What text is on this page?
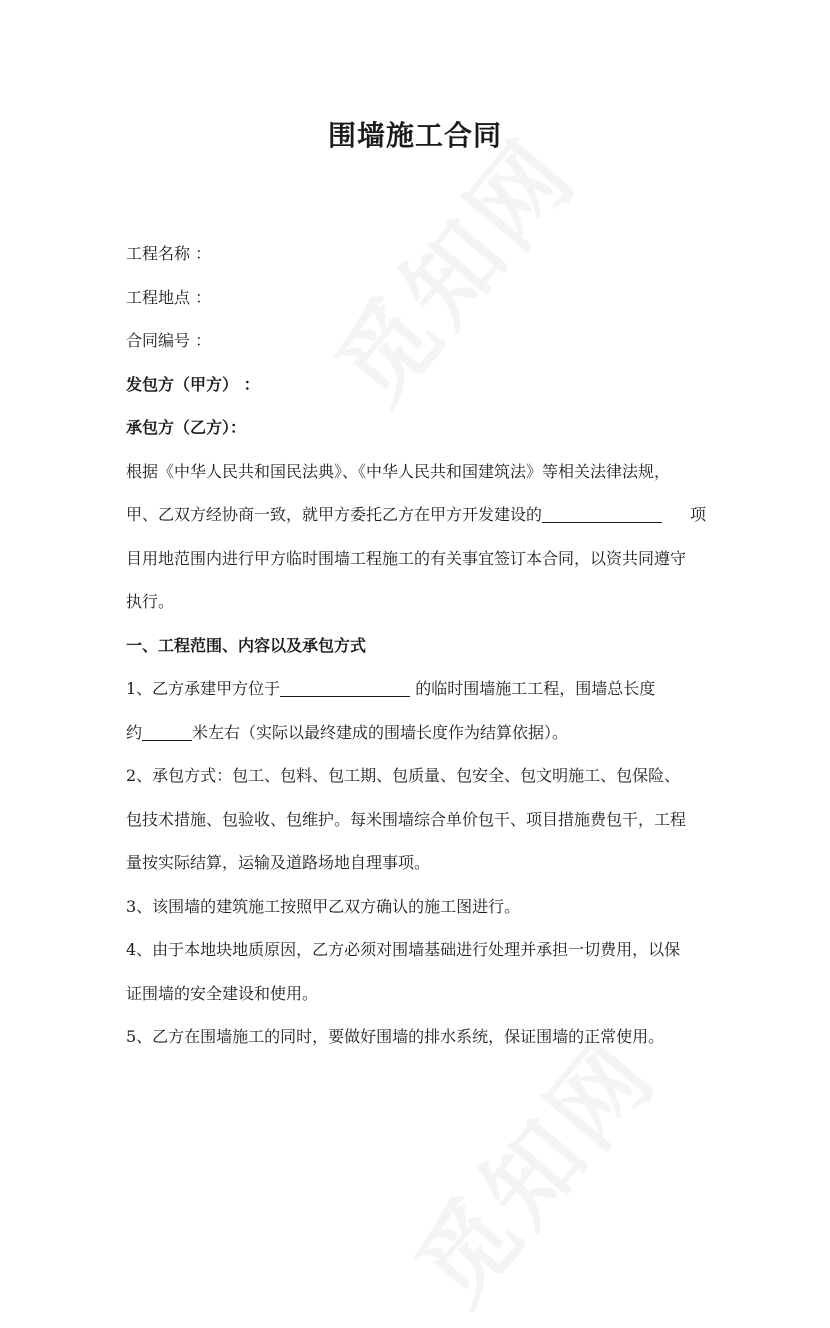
围墙施工合同
工程名称 ：
工程地点 ：
合同编号 ：
发包方（甲方） ：
承包方（乙方）：
根据《中华人民共和国民法典》、《中华人民共和国建筑法》等相关法律法规，
甲、乙双方经协商一致，就甲方委托乙方在甲方开发建设的	项
目用地范围内进行甲方临时围墙工程施工的有关事宜签订本合同，以资共同遵守
执行。
一、工程范围、内容以及承包方式
1、乙方承建甲方位于	的临时围墙施工工程，围墙总长度
约	米左右（实际以最终建成的围墙长度作为结算依据）。
2、承包方式：包工、包料、包工期、包质量、包安全、包文明施工、包保险、
包技术措施、包验收、包维护。每米围墙综合单价包干、项目措施费包干，工程
量按实际结算，运输及道路场地自理事项。
3、该围墙的建筑施工按照甲乙双方确认的施工图进行。
4、由于本地块地质原因，乙方必须对围墙基础进行处理并承担一切费用，以保
证围墙的安全建设和使用。
5、乙方在围墙施工的同时，要做好围墙的排水系统，保证围墙的正常使用。
